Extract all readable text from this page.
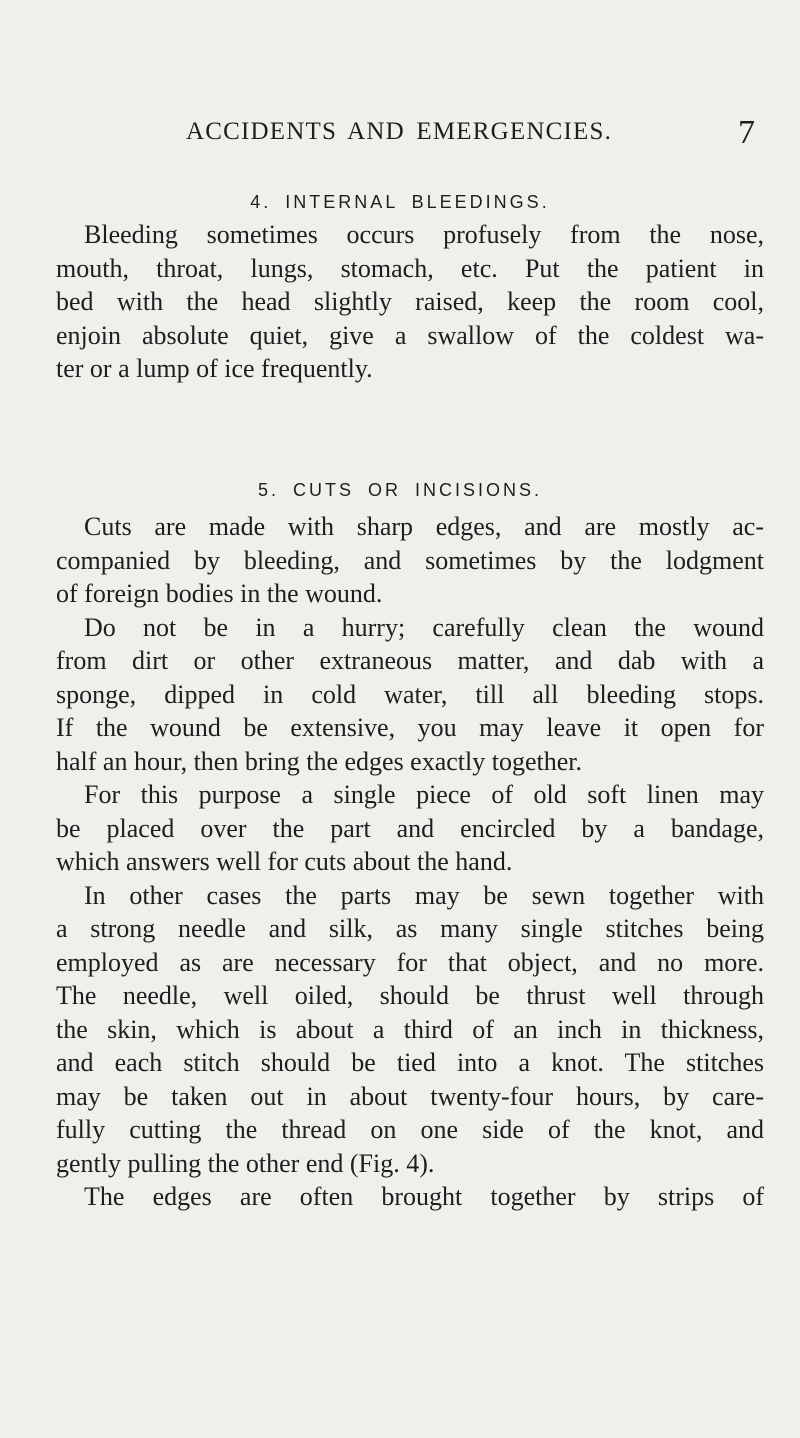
ACCIDENTS AND EMERGENCIES.	7
4. INTERNAL BLEEDINGS.
Bleeding sometimes occurs profusely from the nose,
mouth, throat, lungs, stomach, etc. Put the patient in
bed with the head slightly raised, keep the room cool,
enjoin absolute quiet, give a swallow of the coldest wa-
ter or a lump of ice frequently.
5. CUTS OR INCISIONS.
Cuts are made with sharp edges, and are mostly ac-
companied by bleeding, and sometimes by the lodgment
of foreign bodies in the wound.
Do not be in a hurry; carefully clean the wound
from dirt or other extraneous matter, and dab with a
sponge, dipped in cold water, till all bleeding stops.
If the wound be extensive, you may leave it open for
half an hour, then bring the edges exactly together.
For this purpose a single piece of old soft linen may
be placed over the part and encircled by a bandage,
which answers well for cuts about the hand.
In other cases the parts may be sewn together with
a strong needle and silk, as many single stitches being
employed as are necessary for that object, and no more.
The needle, well oiled, should be thrust well through
the skin, which is about a third of an inch in thickness,
and each stitch should be tied into a knot. The stitches
may be taken out in about twenty-four hours, by care-
fully cutting the thread on one side of the knot, and
gently pulling the other end (Fig. 4).
The edges are often brought together by strips of
